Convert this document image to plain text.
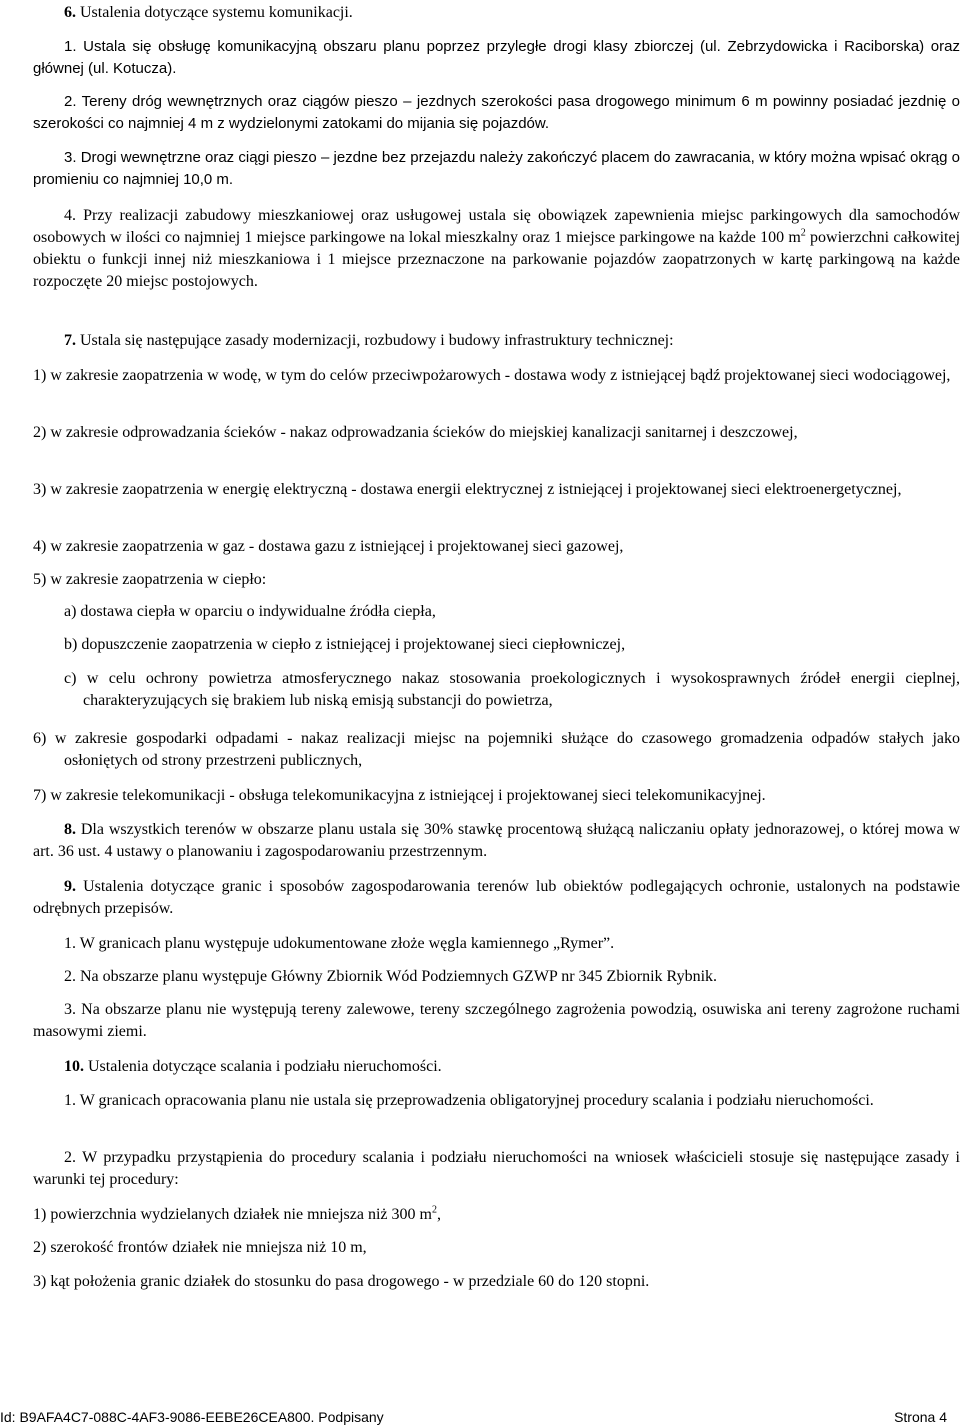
6. Ustalenia dotyczące systemu komunikacji.

1. Ustala się obsługę komunikacyjną obszaru planu poprzez przyległe drogi klasy zbiorczej (ul. Zebrzydowicka i Raciborska) oraz głównej (ul. Kotucza).

2. Tereny dróg wewnętrznych oraz ciągów pieszo – jezdnych szerokości pasa drogowego minimum 6 m powinny posiadać jezdnię o szerokości co najmniej 4 m z wydzielonymi zatokami do mijania się pojazdów.

3. Drogi wewnętrzne oraz ciągi pieszo – jezdne bez przejazdu należy zakończyć placem do zawracania, w który można wpisać okrąg o promieniu co najmniej 10,0 m.

4. Przy realizacji zabudowy mieszkaniowej oraz usługowej ustala się obowiązek zapewnienia miejsc parkingowych dla samochodów osobowych w ilości co najmniej 1 miejsce parkingowe na lokal mieszkalny oraz 1 miejsce parkingowe na każde 100 $m^2$ powierzchni całkowitej obiektu o funkcji innej niż mieszkaniowa i 1 miejsce przeznaczone na parkowanie pojazdów zaopatrzonych w kartę parkingową na każde rozpoczęte 20 miejsc postojowych.

7. Ustala się następujące zasady modernizacji, rozbudowy i budowy infrastruktury technicznej:

1) w zakresie zaopatrzenia w wodę, w tym do celów przeciwpożarowych - dostawa wody z istniejącej bądź projektowanej sieci wodociągowej,

2) w zakresie odprowadzania ścieków - nakaz odprowadzania ścieków do miejskiej kanalizacji sanitarnej i deszczowej,

3) w zakresie zaopatrzenia w energię elektryczną - dostawa energii elektrycznej z istniejącej i projektowanej sieci elektroenergetycznej,

4) w zakresie zaopatrzenia w gaz - dostawa gazu z istniejącej i projektowanej sieci gazowej,

5) w zakresie zaopatrzenia w ciepło:

a) dostawa ciepła w oparciu o indywidualne źródła ciepła,

b) dopuszczenie zaopatrzenia w ciepło z istniejącej i projektowanej sieci ciepłowniczej,

c) w celu ochrony powietrza atmosferycznego nakaz stosowania proekologicznych i wysokosprawnych źródeł energii cieplnej, charakteryzujących się brakiem lub niską emisją substancji do powietrza,

6) w zakresie gospodarki odpadami - nakaz realizacji miejsc na pojemniki służące do czasowego gromadzenia odpadów stałych jako osłoniętych od strony przestrzeni publicznych,

7) w zakresie telekomunikacji - obsługa telekomunikacyjna z istniejącej i projektowanej sieci telekomunikacyjnej.

8. Dla wszystkich terenów w obszarze planu ustala się 30% stawkę procentową służącą naliczaniu opłaty jednorazowej, o której mowa w art. 36 ust. 4 ustawy o planowaniu i zagospodarowaniu przestrzennym.

9. Ustalenia dotyczące granic i sposobów zagospodarowania terenów lub obiektów podlegających ochronie, ustalonych na podstawie odrębnych przepisów.

1. W granicach planu występuje udokumentowane złoże węgla kamiennego „Rymer”.

2. Na obszarze planu występuje Główny Zbiornik Wód Podziemnych GZWP nr 345 Zbiornik Rybnik.

3. Na obszarze planu nie występują tereny zalewowe, tereny szczególnego zagrożenia powodzią, osuwiska ani tereny zagrożone ruchami masowymi ziemi.

10. Ustalenia dotyczące scalania i podziału nieruchomości.

1. W granicach opracowania planu nie ustala się przeprowadzenia obligatoryjnej procedury scalania i podziału nieruchomości.

2. W przypadku przystąpienia do procedury scalania i podziału nieruchomości na wniosek właścicieli stosuje się następujące zasady i warunki tej procedury:

1) powierzchnia wydzielanych działek nie mniejsza niż 300 $m^2$,

2) szerokość frontów działek nie mniejsza niż 10 m,

3) kąt położenia granic działek do stosunku do pasa drogowego - w przedziale 60 do 120 stopni.

Id: B9AFA4C7-088C-4AF3-9086-EEBE26CEA800. Podpisany	Strona 4
